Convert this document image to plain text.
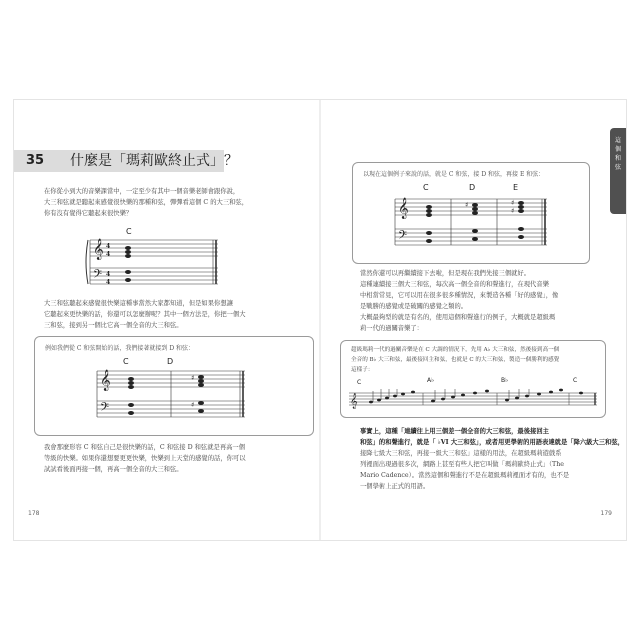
35 什麼是「瑪莉歐終止式」？
在你從小到大的音樂課當中，一定至少有其中一個音樂老師會跟你說，
大三和弦就是聽起來感覺很快樂的那種和弦，彈彈看這個 C 的大三和弦，
你有沒有覺得它聽起來很快樂？
C
𝄞
𝄢
4
4
4
4
大三和弦聽起來感覺很快樂這種事當然大家都知道，但是如果你想讓
它聽起來更快樂的話，你還可以怎麼辦呢？其中一個方法是，你把一個大
三和弦，接到另一個比它高一個全音的大三和弦。
例如我們從 C 和弦開始的話，我們接著就接到 D 和弦：
C	D
𝄞
𝄢
♯
♯
我會那麼形容 C 和弦自己是很快樂的話，C 和弦接 D 和弦就是再高一個
等級的快樂。如果你還想要更更快樂，快樂到上天堂的感覺的話，你可以
試試看後面再接一個，再高一個全音的大三和弦。
178
這個和弦
以現在這個例子來說的話，就是 C 和弦，接 D 和弦，再接 E 和弦：
C	D	E
𝄞
𝄢
♯	♯
♯
當然你還可以再繼續接下去啦，但是現在我們先接三個就好。
這種連續接三個大三和弦，每次高一個全音的和聲進行，在現代音樂
中相當常見，它可以用在很多很多種情況，來製造各種「好的感覺」，像
是戰勝的感覺或是破關的感覺之類的。
大概最夠型的就是有名的，使用這個和聲進行的例子，大概就是超級瑪
莉一代的過關音樂了：
超級瑪莉一代的過關音樂是在 C 大調的情況下，先用 A♭ 大三和弦，然後接到高一個
全音的 B♭ 大三和弦，最後接回主和弦，也就是 C 的大三和弦，製造一個勝利的感覺
這樣子：
C	A♭	B♭	C
𝄞
事實上，這種「連續往上用三個差一個全音的大三和弦，最後接回主
和弦」的和聲進行，就是「 ♭VI 大三和弦」，或者用更學術的用語表達就是「降六級大三和弦，
接降七級大三和弦，再接一級大三和弦」這樣的用法，在超級瑪莉遊戲系
列裡面出現過很多次，網路上甚至有些人把它叫做「瑪莉歐終止式」（The
Mario Cadence）。當然這個和聲進行不是在超級瑪莉裡面才有的，也不是
一個學術上正式的用語。
179
